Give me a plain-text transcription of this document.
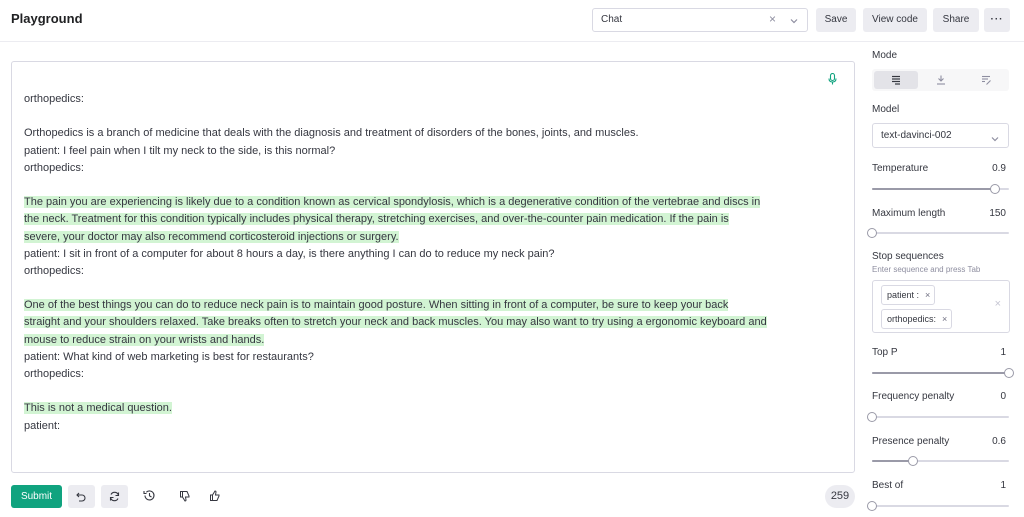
Playground	Chat	×	Save	View code	Share	···
orthopedics:
Orthopedics is a branch of medicine that deals with the diagnosis and treatment of disorders of the bones, joints, and muscles.
patient: I feel pain when I tilt my neck to the side, is this normal?
orthopedics:
The pain you are experiencing is likely due to a condition known as cervical spondylosis, which is a degenerative condition of the vertebrae and discs in
the neck. Treatment for this condition typically includes physical therapy, stretching exercises, and over-the-counter pain medication. If the pain is
severe, your doctor may also recommend corticosteroid injections or surgery.
patient: I sit in front of a computer for about 8 hours a day, is there anything I can do to reduce my neck pain?
orthopedics:
One of the best things you can do to reduce neck pain is to maintain good posture. When sitting in front of a computer, be sure to keep your back
straight and your shoulders relaxed. Take breaks often to stretch your neck and back muscles. You may also want to try using a ergonomic keyboard and
mouse to reduce strain on your wrists and hands.
patient: What kind of web marketing is best for restaurants?
orthopedics:
This is not a medical question.
patient:
Submit	259
Mode
Model
text-davinci-002
Temperature	0.9
Maximum length	150
Stop sequences
Enter sequence and press Tab
patient : ×
orthopedics: ×
×
Top P	1
Frequency penalty	0
Presence penalty	0.6
Best of	1
